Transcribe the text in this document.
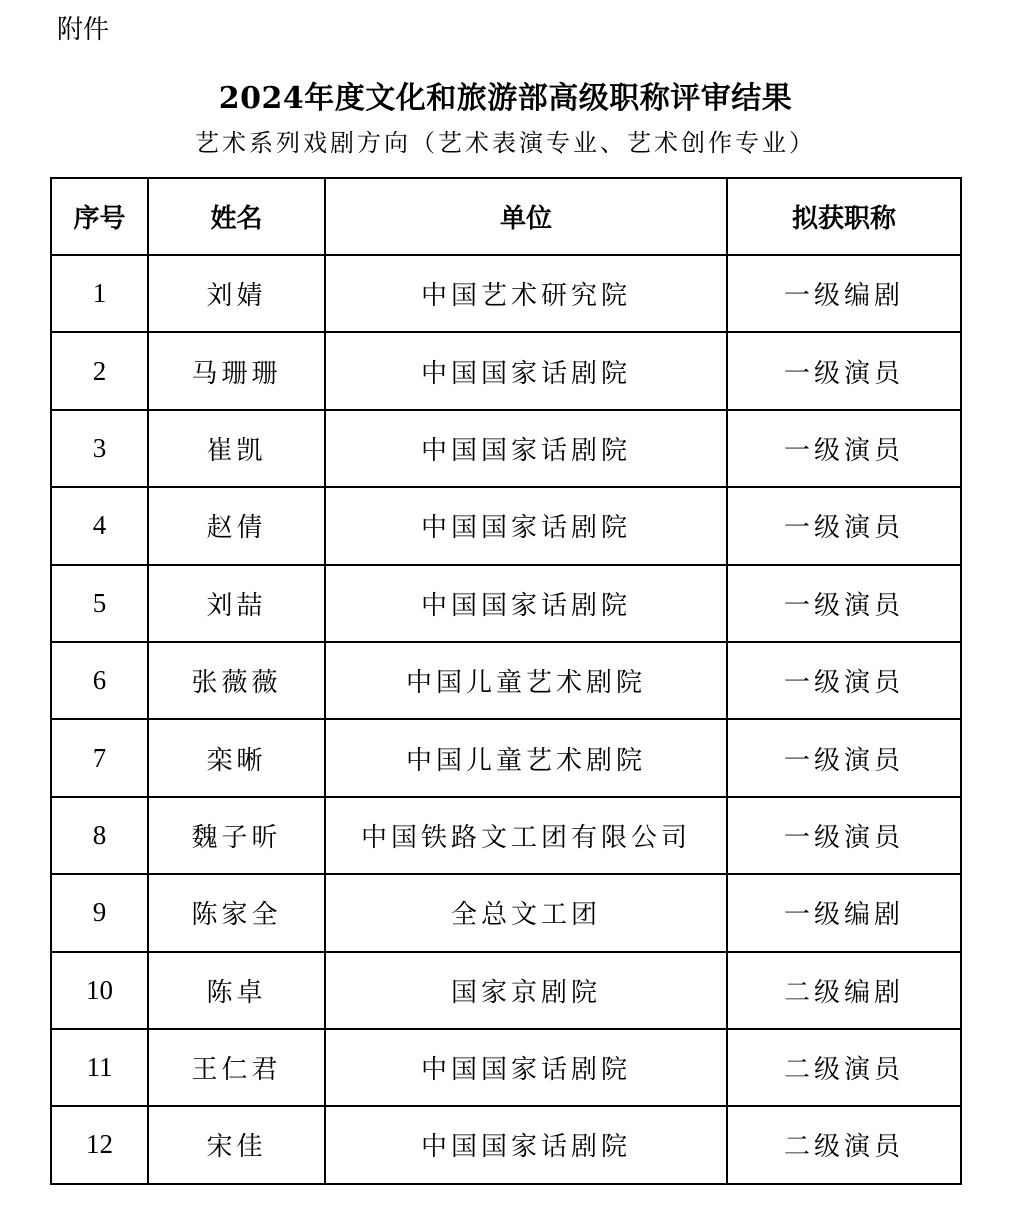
附件
2024年度文化和旅游部高级职称评审结果
艺术系列戏剧方向（艺术表演专业、艺术创作专业）
序号	姓名	单位	拟获职称
1	刘婧	中国艺术研究院	一级编剧
2	马珊珊	中国国家话剧院	一级演员
3	崔凯	中国国家话剧院	一级演员
4	赵倩	中国国家话剧院	一级演员
5	刘喆	中国国家话剧院	一级演员
6	张薇薇	中国儿童艺术剧院	一级演员
7	栾晰	中国儿童艺术剧院	一级演员
8	魏子昕	中国铁路文工团有限公司	一级演员
9	陈家全	全总文工团	一级编剧
10	陈卓	国家京剧院	二级编剧
11	王仁君	中国国家话剧院	二级演员
12	宋佳	中国国家话剧院	二级演员
